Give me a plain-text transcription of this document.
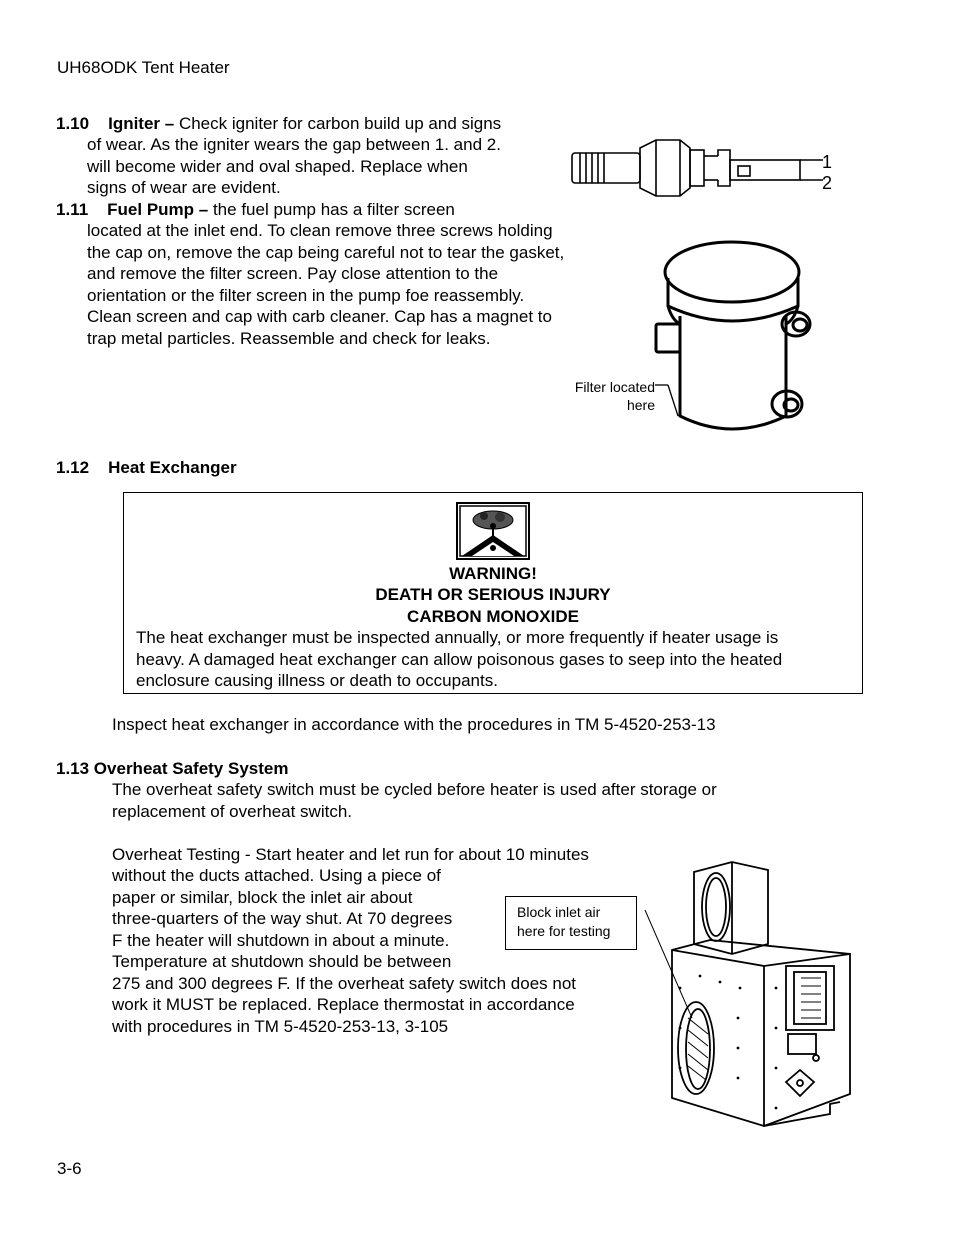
UH68ODK Tent Heater
1.10 Igniter – Check igniter for carbon build up and signs
of wear. As the igniter wears the gap between 1. and 2.
will become wider and oval shaped. Replace when
signs of wear are evident.
1
2
1.11 Fuel Pump – the fuel pump has a filter screen
located at the inlet end. To clean remove three screws holding
the cap on, remove the cap being careful not to tear the gasket,
and remove the filter screen. Pay close attention to the
orientation or the filter screen in the pump foe reassembly.
Clean screen and cap with carb cleaner. Cap has a magnet to
trap metal particles. Reassemble and check for leaks.
Filter located
here
1.12 Heat Exchanger
WARNING!
DEATH OR SERIOUS INJURY
CARBON MONOXIDE
The heat exchanger must be inspected annually, or more frequently if heater usage is
heavy. A damaged heat exchanger can allow poisonous gases to seep into the heated
enclosure causing illness or death to occupants.
Inspect heat exchanger in accordance with the procedures in TM 5-4520-253-13
1.13 Overheat Safety System
The overheat safety switch must be cycled before heater is used after storage or
replacement of overheat switch.
Overheat Testing - Start heater and let run for about 10 minutes
without the ducts attached. Using a piece of
paper or similar, block the inlet air about
three-quarters of the way shut. At 70 degrees
F the heater will shutdown in about a minute.
Temperature at shutdown should be between
275 and 300 degrees F. If the overheat safety switch does not
work it MUST be replaced. Replace thermostat in accordance
with procedures in TM 5-4520-253-13, 3-105
Block inlet air
here for testing
3-6
